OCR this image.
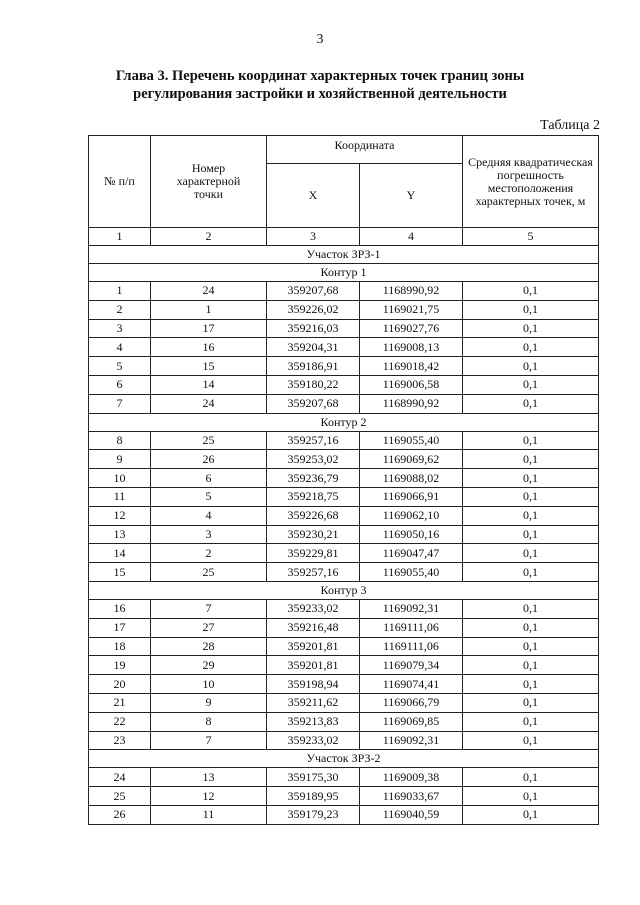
3
Глава 3. Перечень координат характерных точек границ зоны
регулирования застройки и хозяйственной деятельности
Таблица 2
№ п/п	Номер характерной точки	Координата		Средняя квадратическая погрешность местоположения характерных точек, м
		X	Y	
1	2	3	4	5
Участок ЗРЗ-1				
Контур 1				
1	24	359207,68	1168990,92	0,1
2	1	359226,02	1169021,75	0,1
3	17	359216,03	1169027,76	0,1
4	16	359204,31	1169008,13	0,1
5	15	359186,91	1169018,42	0,1
6	14	359180,22	1169006,58	0,1
7	24	359207,68	1168990,92	0,1
Контур 2				
8	25	359257,16	1169055,40	0,1
9	26	359253,02	1169069,62	0,1
10	6	359236,79	1169088,02	0,1
11	5	359218,75	1169066,91	0,1
12	4	359226,68	1169062,10	0,1
13	3	359230,21	1169050,16	0,1
14	2	359229,81	1169047,47	0,1
15	25	359257,16	1169055,40	0,1
Контур 3				
16	7	359233,02	1169092,31	0,1
17	27	359216,48	1169111,06	0,1
18	28	359201,81	1169111,06	0,1
19	29	359201,81	1169079,34	0,1
20	10	359198,94	1169074,41	0,1
21	9	359211,62	1169066,79	0,1
22	8	359213,83	1169069,85	0,1
23	7	359233,02	1169092,31	0,1
Участок ЗРЗ-2				
24	13	359175,30	1169009,38	0,1
25	12	359189,95	1169033,67	0,1
26	11	359179,23	1169040,59	0,1
